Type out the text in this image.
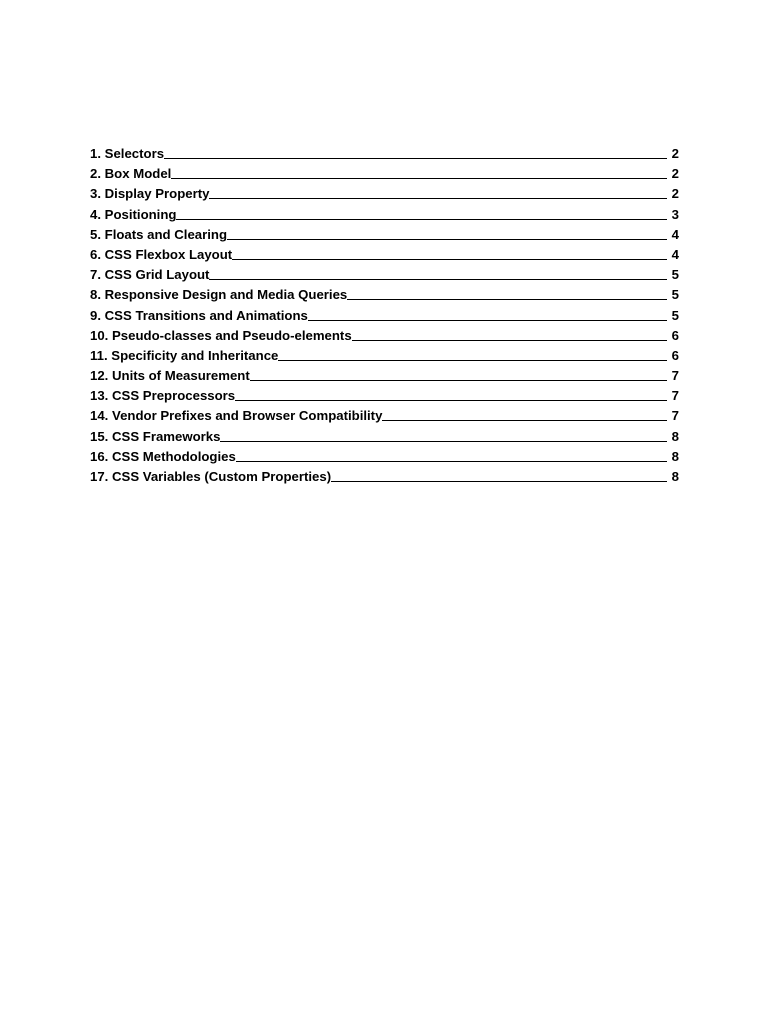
1. Selectors	2
2. Box Model	2
3. Display Property	2
4. Positioning	3
5. Floats and Clearing	4
6. CSS Flexbox Layout	4
7. CSS Grid Layout	5
8. Responsive Design and Media Queries	5
9. CSS Transitions and Animations	5
10. Pseudo-classes and Pseudo-elements	6
11. Specificity and Inheritance	6
12. Units of Measurement	7
13. CSS Preprocessors	7
14. Vendor Prefixes and Browser Compatibility	7
15. CSS Frameworks	8
16. CSS Methodologies	8
17. CSS Variables (Custom Properties)	8
